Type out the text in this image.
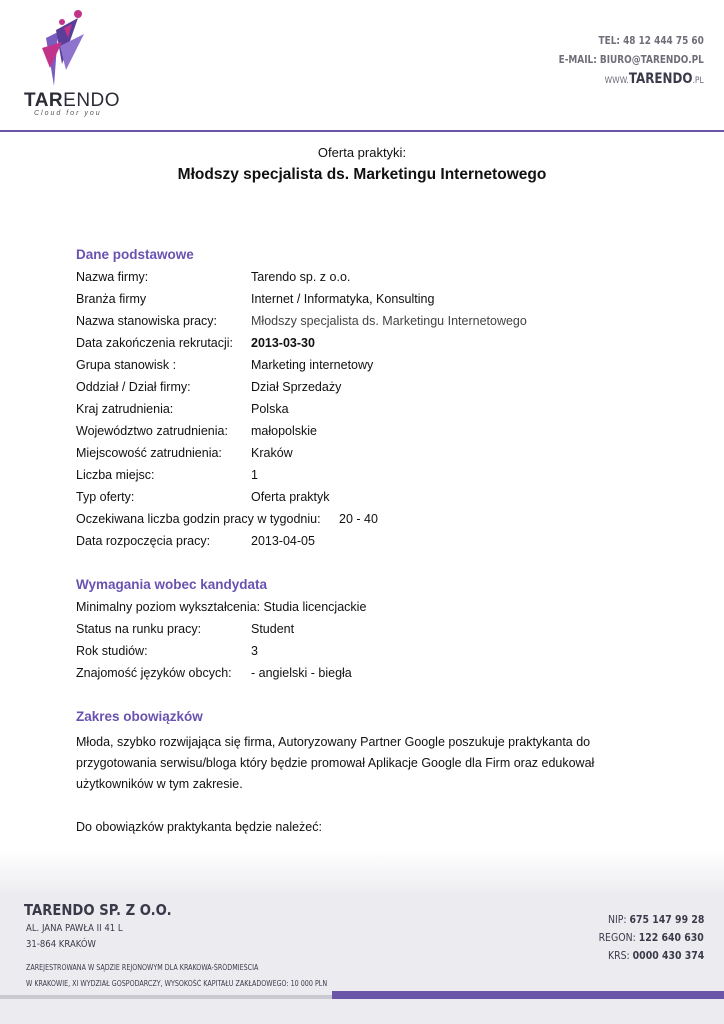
TARENDO
Cloud for you
TEL: 48 12 444 75 60
E-MAIL: BIURO@TARENDO.PL
WWW.TARENDO.PL
Oferta praktyki:
Młodszy specjalista ds. Marketingu Internetowego
Dane podstawowe
Nazwa firmy:	Tarendo sp. z o.o.
Branża firmy	Internet / Informatyka, Konsulting
Nazwa stanowiska pracy:	Młodszy specjalista ds. Marketingu Internetowego
Data zakończenia rekrutacji: 2013-03-30
Grupa stanowisk :	Marketing internetowy
Oddział / Dział firmy:	Dział Sprzedaży
Kraj zatrudnienia:	Polska
Województwo zatrudnienia: małopolskie
Miejscowość zatrudnienia: Kraków
Liczba miejsc:	1
Typ oferty:	Oferta praktyk
Oczekiwana liczba godzin pracy w tygodniu: 20 - 40
Data rozpoczęcia pracy:	2013-04-05
Wymagania wobec kandydata
Minimalny poziom wykształcenia: Studia licencjackie
Status na runku pracy:	Student
Rok studiów:	3
Znajomość języków obcych: - angielski - biegła
Zakres obowiązków
Młoda, szybko rozwijająca się firma, Autoryzowany Partner Google poszukuje praktykanta do przygotowania serwisu/bloga który będzie promował Aplikacje Google dla Firm oraz edukował użytkowników w tym zakresie.
Do obowiązków praktykanta będzie należeć:
TARENDO SP. Z O.O.
AL. JANA PAWŁA II 41 L
31-864 KRAKÓW
ZAREJESTROWANA W SĄDZIE REJONOWYM DLA KRAKOWA-ŚRÓDMIEŚCIA
W KRAKOWIE, XI WYDZIAŁ GOSPODARCZY, WYSOKOŚĆ KAPITAŁU ZAKŁADOWEGO: 10 000 PLN
NIP: 675 147 99 28
REGON: 122 640 630
KRS: 0000 430 374
